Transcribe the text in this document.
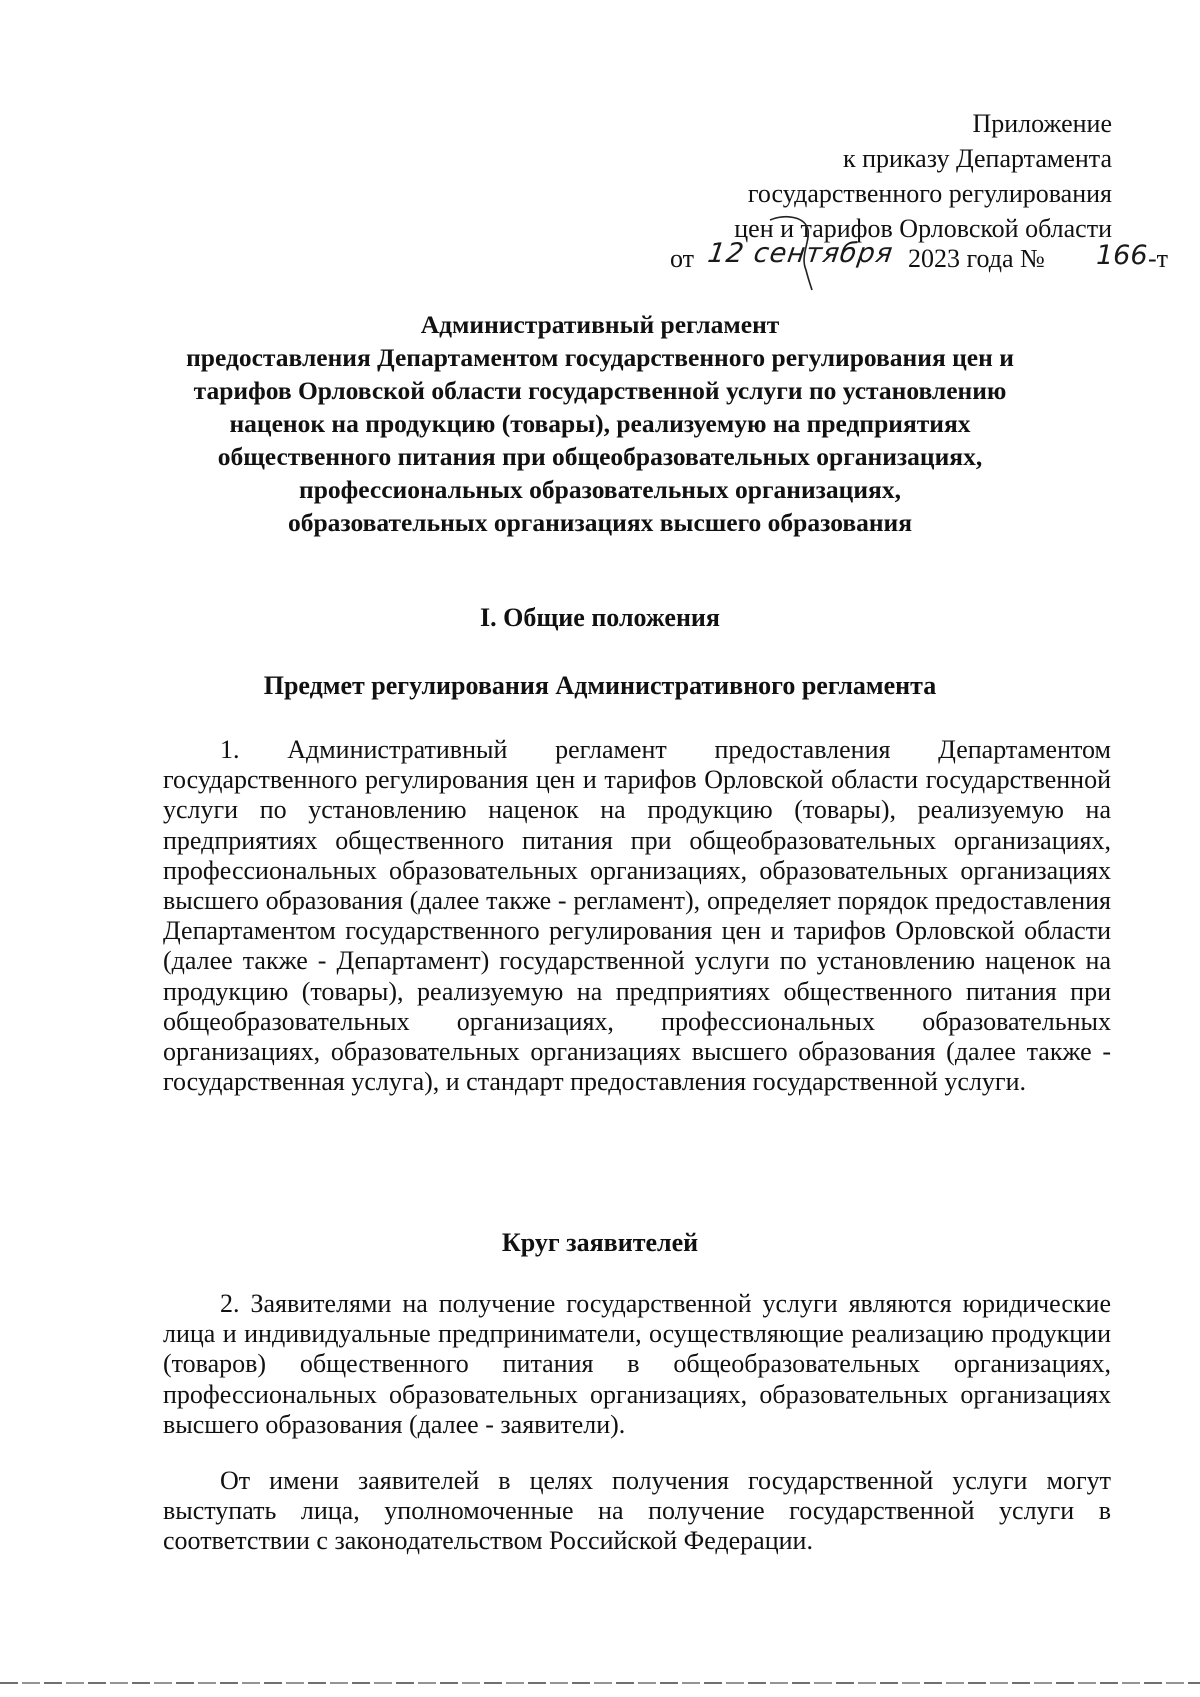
Приложение
к приказу Департамента
государственного регулирования
цен и тарифов Орловской области
от 12 сентября 2023 года № 166 -т
Административный регламент
предоставления Департаментом государственного регулирования цен и
тарифов Орловской области государственной услуги по установлению
наценок на продукцию (товары), реализуемую на предприятиях
общественного питания при общеобразовательных организациях,
профессиональных образовательных организациях,
образовательных организациях высшего образования
I. Общие положения
Предмет регулирования Административного регламента

1. Административный регламент предоставления Департаментом государственного регулирования цен и тарифов Орловской области государственной услуги по установлению наценок на продукцию (товары), реализуемую на предприятиях общественного питания при общеобразовательных организациях, профессиональных образовательных организациях, образовательных организациях высшего образования (далее также - регламент), определяет порядок предоставления Департаментом государственного регулирования цен и тарифов Орловской области (далее также - Департамент) государственной услуги по установлению наценок на продукцию (товары), реализуемую на предприятиях общественного питания при общеобразовательных организациях, профессиональных образовательных организациях, образовательных организациях высшего образования (далее также - государственная услуга), и стандарт предоставления государственной услуги.

Круг заявителей

2. Заявителями на получение государственной услуги являются юридические лица и индивидуальные предприниматели, осуществляющие реализацию продукции (товаров) общественного питания в общеобразовательных организациях, профессиональных образовательных организациях, образовательных организациях высшего образования (далее - заявители).

От имени заявителей в целях получения государственной услуги могут выступать лица, уполномоченные на получение государственной услуги в соответствии с законодательством Российской Федерации.
